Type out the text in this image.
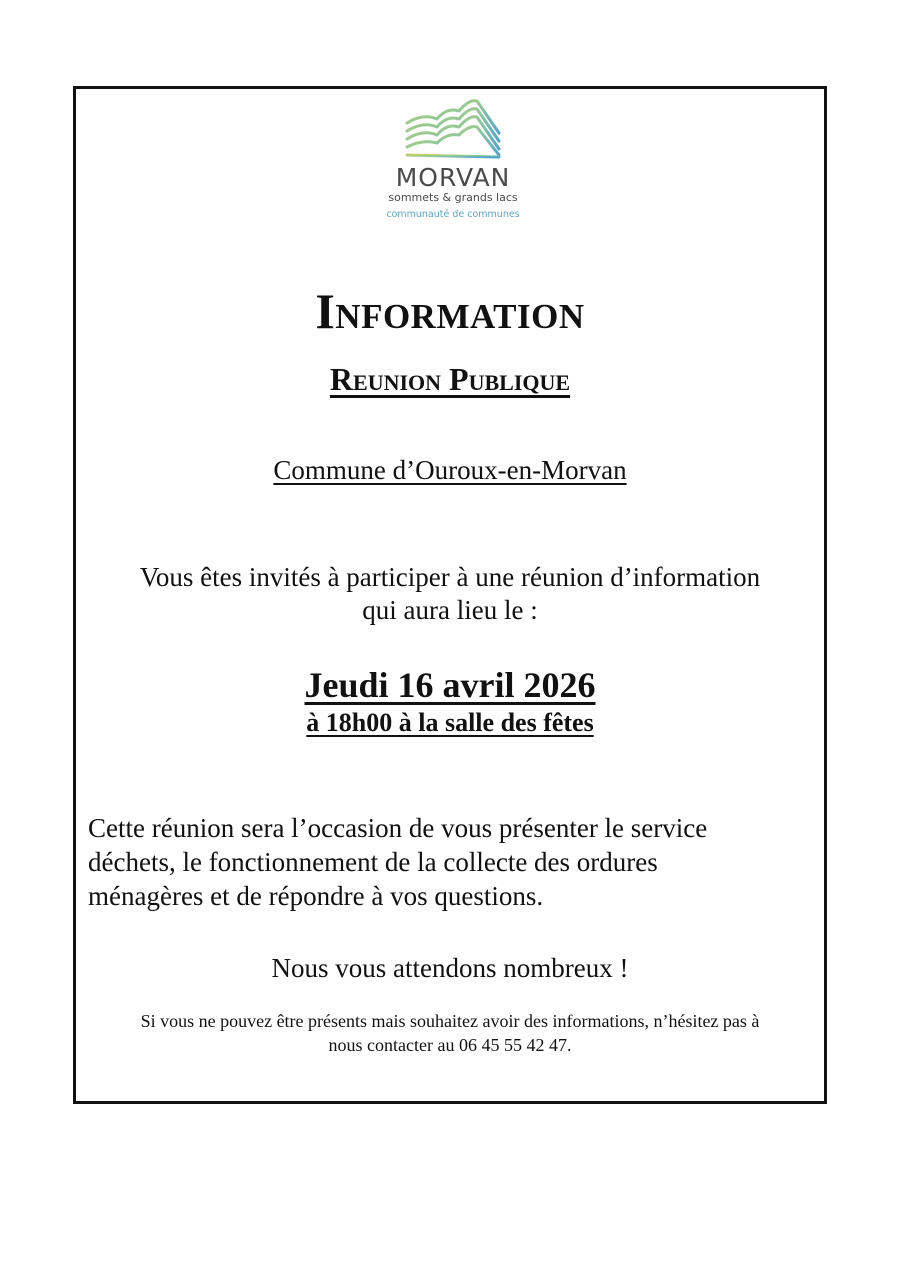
MORVAN
sommets & grands lacs
communauté de communes
Information
Reunion Publique
Commune d’Ouroux-en-Morvan
Vous êtes invités à participer à une réunion d’information
qui aura lieu le :
Jeudi 16 avril 2026
à 18h00 à la salle des fêtes
Cette réunion sera l’occasion de vous présenter le service
déchets, le fonctionnement de la collecte des ordures
ménagères et de répondre à vos questions.
Nous vous attendons nombreux !
Si vous ne pouvez être présents mais souhaitez avoir des informations, n’hésitez pas à
nous contacter au 06 45 55 42 47.
